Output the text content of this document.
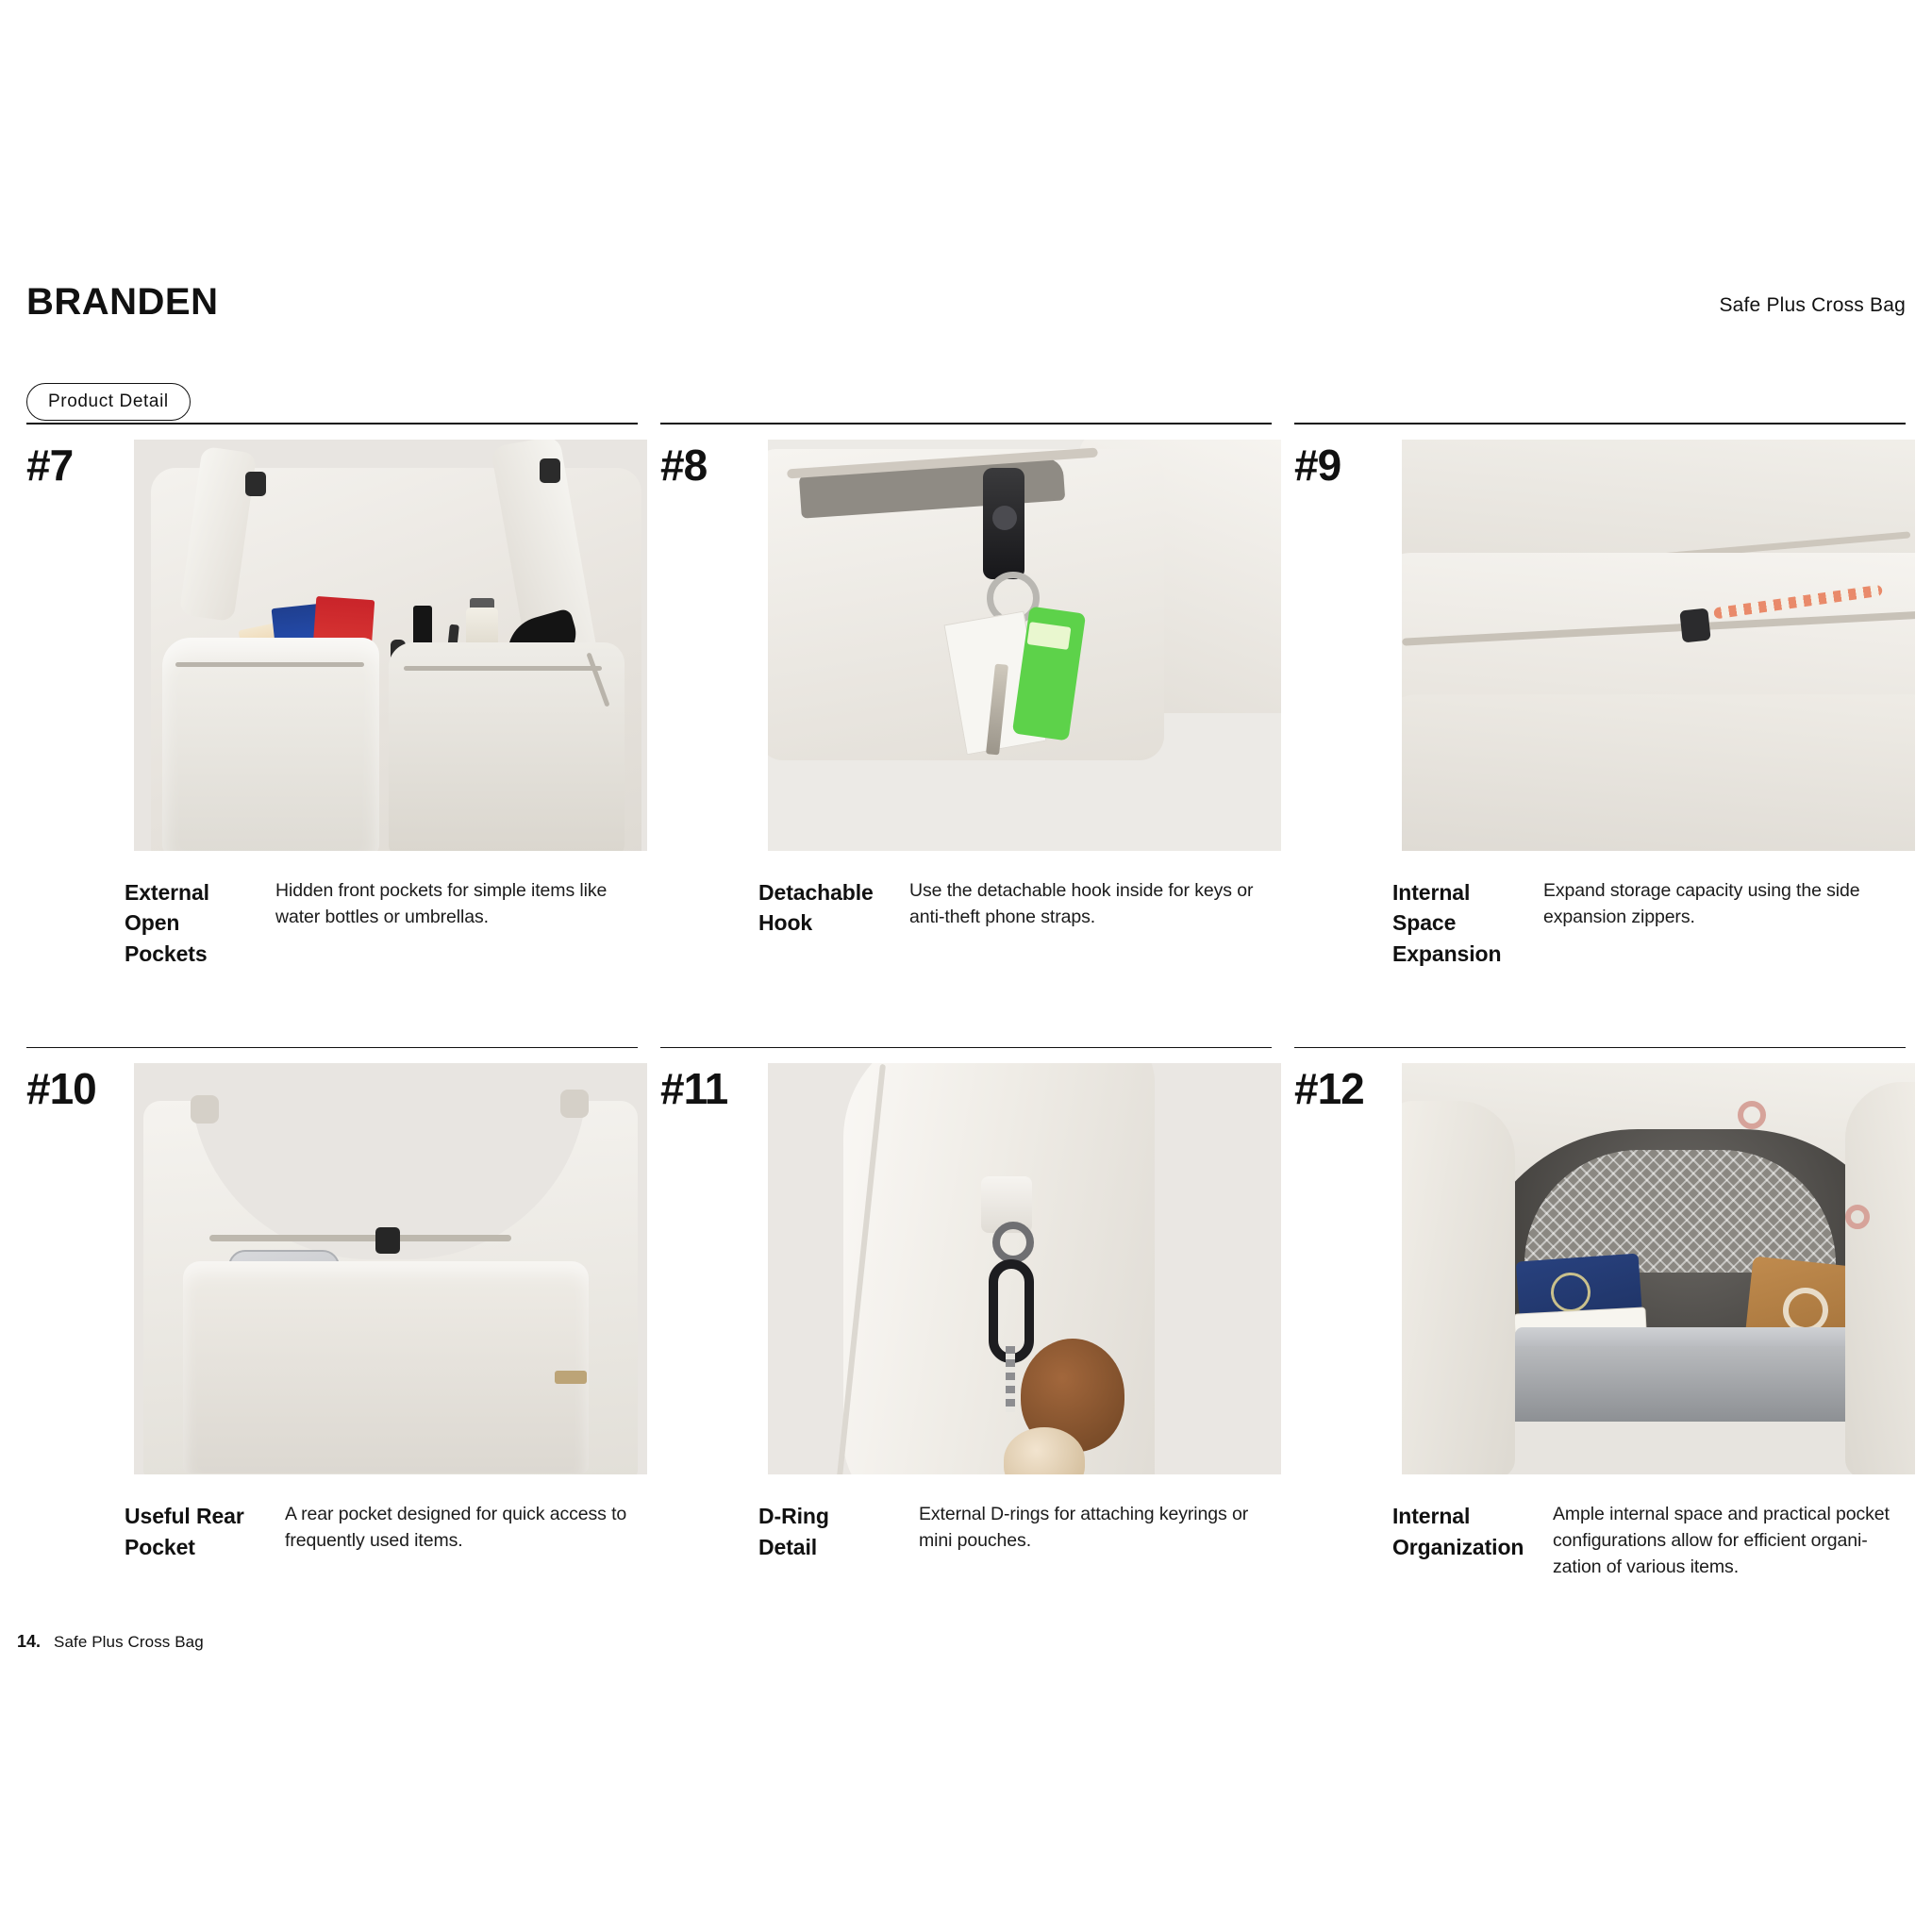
BRANDEN	Safe Plus Cross Bag
Product Detail
#7
External
Open
Pockets
Hidden front pockets for simple items like water bottles or umbrellas.
#8
Detachable
Hook
Use the detachable hook inside for keys or anti-theft phone straps.
#9
Internal
Space
Expansion
Expand storage capacity using the side expansion zippers.
#10
Useful Rear
Pocket
A rear pocket designed for quick access to frequently used items.
#11
D-Ring
Detail
External D-rings for attaching keyrings or mini pouches.
#12
Internal
Organization
Ample internal space and practical pocket
configurations allow for efficient organi-
zation of various items.
14. Safe Plus Cross Bag
